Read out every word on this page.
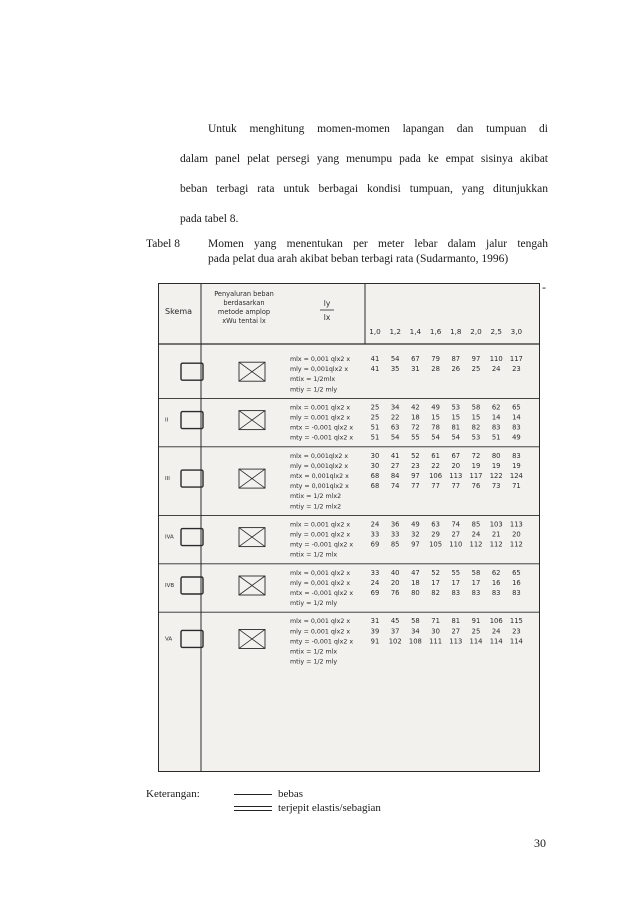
Untuk menghitung momen-momen lapangan dan tumpuan di
dalam panel pelat persegi yang menumpu pada ke empat sisinya akibat
beban terbagi rata untuk berbagai kondisi tumpuan, yang ditunjukkan
pada tabel 8.
Tabel 8 Momen yang menentukan per meter lebar dalam jalur tengah
pada pelat dua arah akibat beban terbagi rata (Sudarmanto, 1996)
-
Skema
Penyaluran beban
berdasarkan
metode amplop
xWu tentai lx
ly
lx
1,0 1,2 1,4 1,6 1,8 2,0 2,5 3,0
mlx = 0,001 qlx2 x	41 54 67 79 87 97 110 117
mly = 0,001qlx2 x	41 35 31 28 26 25 24 23
mtix = 1/2mlx
mtiy = 1/2 mly
II
mlx = 0,001 qlx2 x	25 34 42 49 53 58 62 65
mly = 0,001 qlx2 x	25 22 18 15 15 15 14 14
mtx = -0,001 qlx2 x	51 63 72 78 81 82 83 83
mty = -0,001 qlx2 x	51 54 55 54 54 53 51 49
III
mlx = 0,001qlx2 x	30 41 52 61 67 72 80 83
mly = 0,001qlx2 x	30 27 23 22 20 19 19 19
mtx = 0,001qlx2 x	68 84 97 106 113 117 122 124
mty = 0,001qlx2 x	68 74 77 77 77 76 73 71
mtix = 1/2 mlx2
mtiy = 1/2 mlx2
IVA
mlx = 0,001 qlx2 x	24 36 49 63 74 85 103 113
mly = 0,001 qlx2 x	33 33 32 29 27 24 21 20
mty = -0,001 qlx2 x	69 85 97 105 110 112 112 112
mtix = 1/2 mlx
IVB
mlx = 0,001 qlx2 x	33 40 47 52 55 58 62 65
mly = 0,001 qlx2 x	24 20 18 17 17 17 16 16
mtx = -0,001 qlx2 x	69 76 80 82 83 83 83 83
mtiy = 1/2 mly
VA
mlx = 0,001 qlx2 x	31 45 58 71 81 91 106 115
mly = 0,001 qlx2 x	39 37 34 30 27 25 24 23
mty = -0,001 qlx2 x	91 102 108 111 113 114 114 114
mtix = 1/2 mlx
mtiy = 1/2 mly
Keterangan:	bebas
terjepit elastis/sebagian
30
